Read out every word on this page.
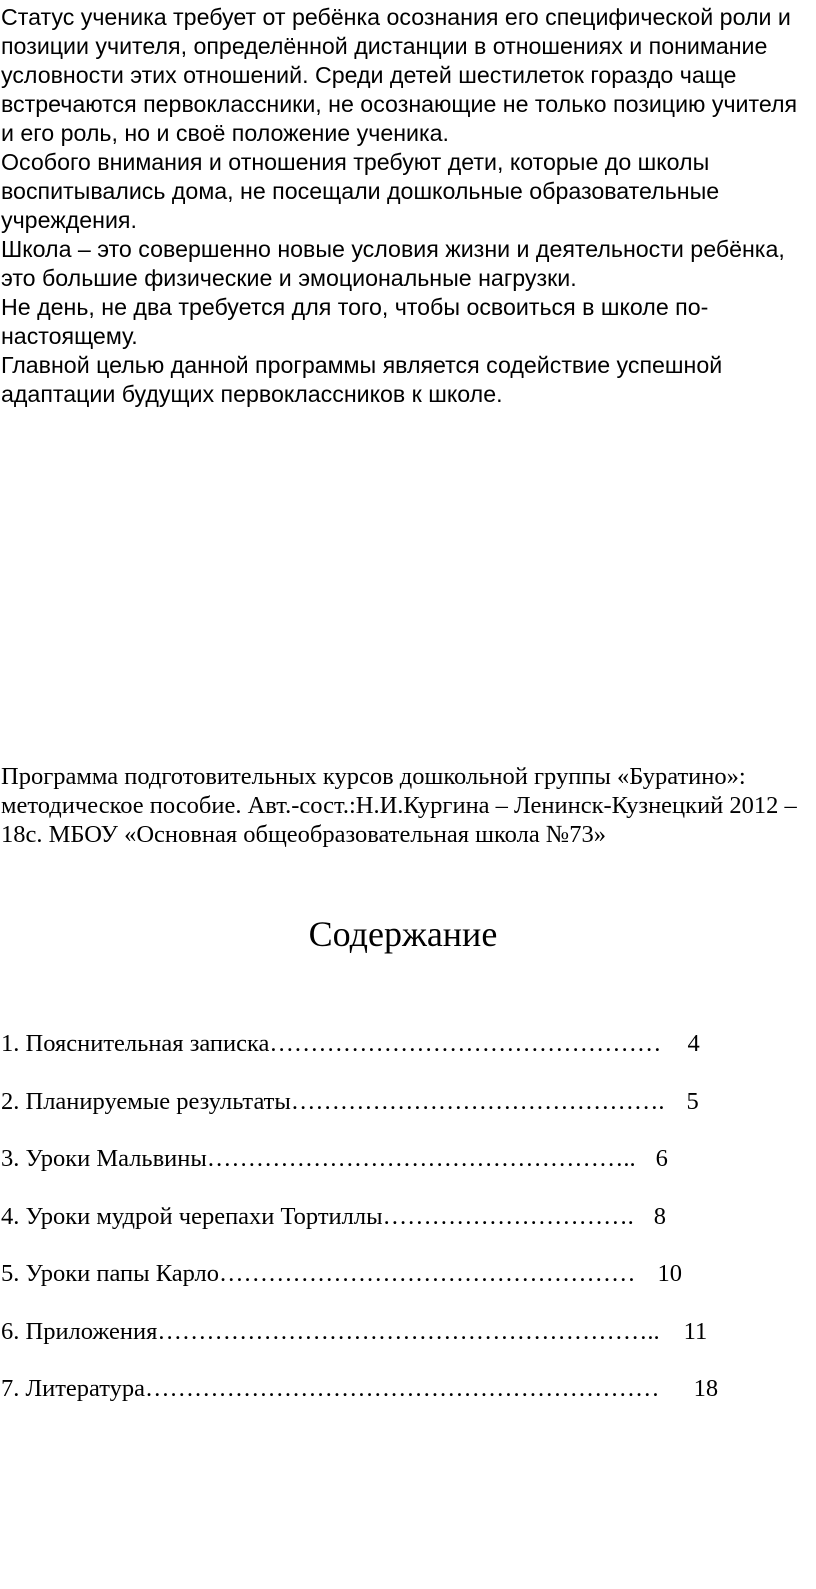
Статус ученика требует от ребёнка осознания его специфической роли и позиции учителя, определённой дистанции в отношениях и понимание условности этих отношений. Среди детей шестилеток гораздо чаще встречаются первоклассники, не осознающие не только позицию учителя и его роль, но и своё положение ученика.

Особого внимания и отношения требуют дети, которые до школы воспитывались дома, не посещали дошкольные образовательные учреждения.

Школа – это совершенно новые условия жизни и деятельности ребёнка, это большие физические и эмоциональные нагрузки.

Не день, не два требуется для того, чтобы освоиться в школе по-настоящему.

Главной целью данной программы является содействие успешной адаптации будущих первоклассников к школе.

Программа подготовительных курсов дошкольной группы «Буратино»: методическое пособие. Авт.-сост.:Н.И.Кургина – Ленинск-Кузнецкий 2012 – 18с. МБОУ «Основная общеобразовательная школа №73»

Содержание
1. Пояснительная записка………………………………………… 4
2. Планируемые результаты………………………………………. 5
3. Уроки Мальвины…………………………………………….. 6
4. Уроки мудрой черепахи Тортиллы…………………………. 8
5. Уроки папы Карло…………………………………………… 10
6. Приложения…………………………………………………….. 11
7. Литература……………………………………………………… 18
